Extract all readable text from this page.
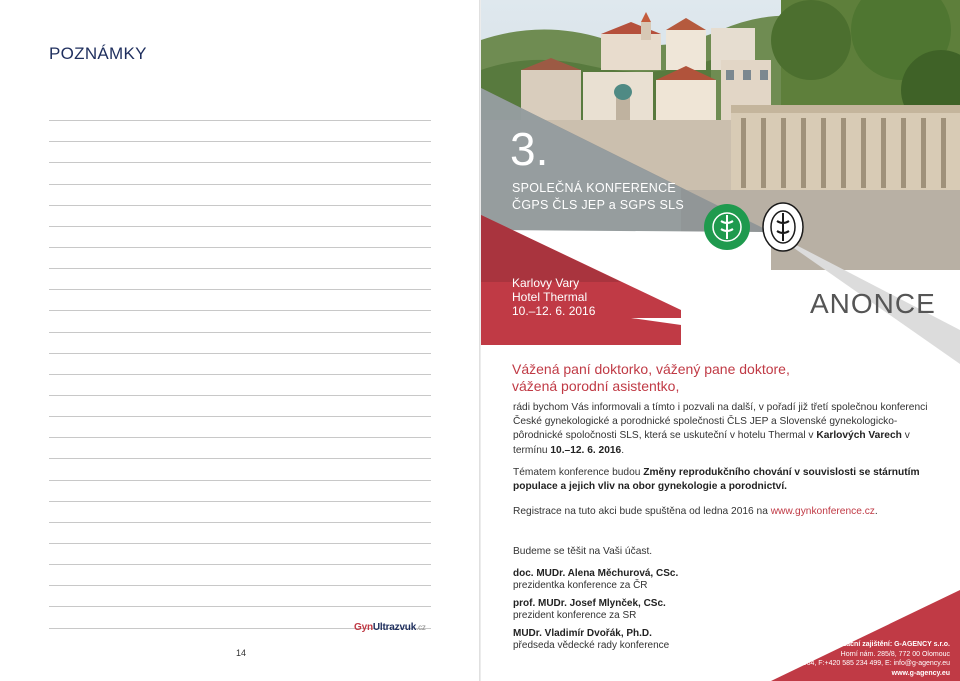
POZNÁMKY
GynUltrazvuk.cz
14
3.
SPOLEČNÁ KONFERENCE
ČGPS ČLS JEP a SGPS SLS
Karlovy Vary
Hotel Thermal
10.–12. 6. 2016	ANONCE
Vážená paní doktorko, vážený pane doktore,
vážená porodní asistentko,
rádi bychom Vás informovali a tímto i pozvali na další, v pořadí již třetí společnou konferenci České gynekologické a porodnické společnosti ČLS JEP a Slovenské gynekologicko-pôrodnické spoločnosti SLS, která se uskuteční v hotelu Thermal v Karlových Varech v termínu 10.–12. 6. 2016.
Tématem konference budou Změny reprodukčního chování v souvislosti se stárnutím populace a jejich vliv na obor gynekologie a porodnictví.
Registrace na tuto akci bude spuštěna od ledna 2016 na www.gynkonference.cz.
Budeme se těšit na Vaši účast.
doc. MUDr. Alena Měchurová, CSc.
prezidentka konference za ČR
prof. MUDr. Josef Mlynček, CSc.
prezident konference za SR
MUDr. Vladimír Dvořák, Ph.D.
předseda vědecké rady konference	Organizační zajištění: G-AGENCY s.r.o.
Horní nám. 285/8, 772 00 Olomouc
T: +420 724 277 964, F:+420 585 234 499, E: info@g-agency.eu
www.g-agency.eu
